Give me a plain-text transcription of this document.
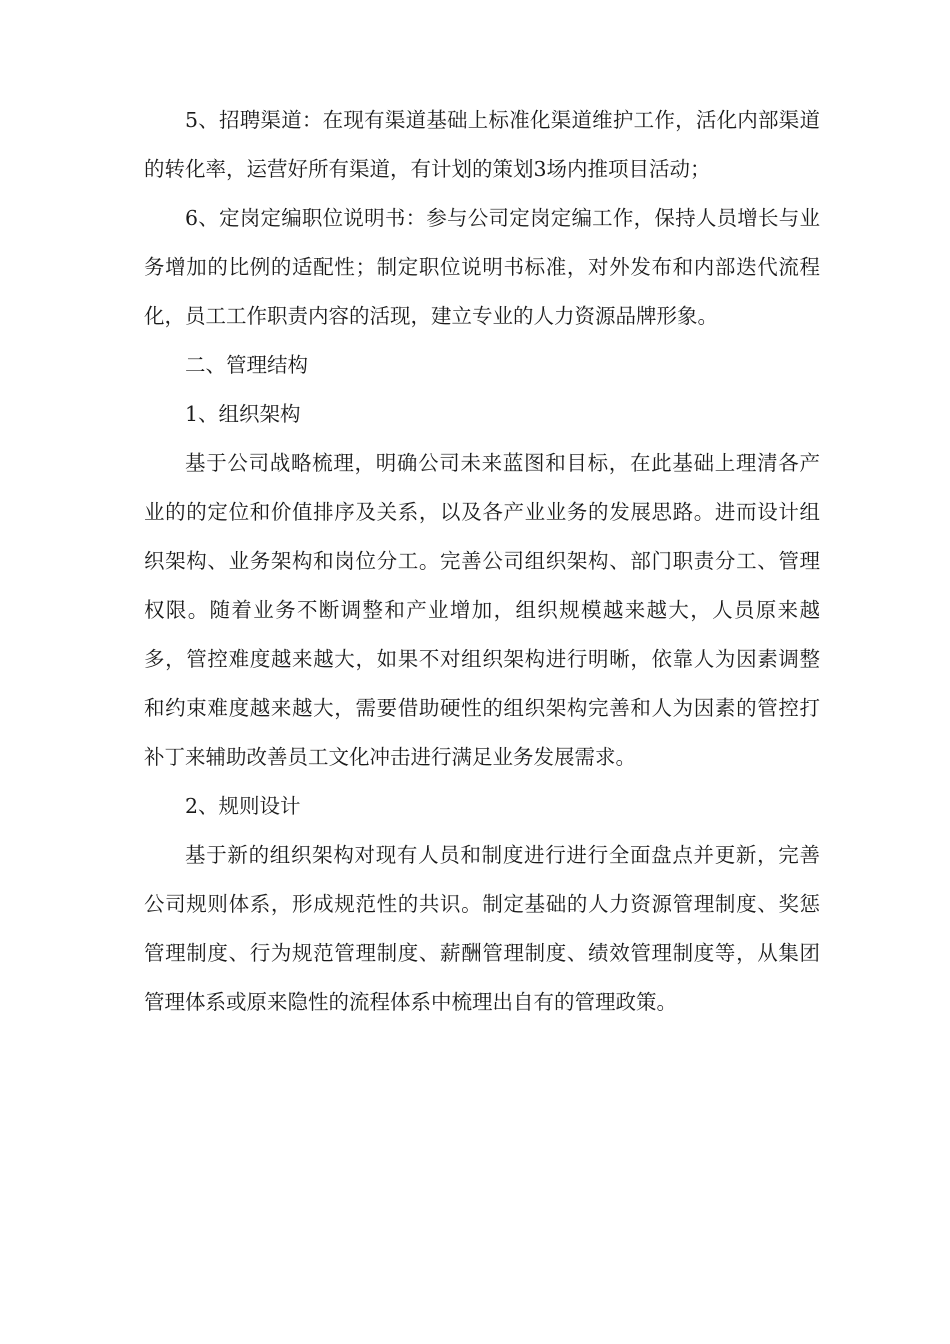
5、招聘渠道：在现有渠道基础上标准化渠道维护工作，活化内部渠道的转化率，运营好所有渠道，有计划的策划3场内推项目活动；

6、定岗定编职位说明书：参与公司定岗定编工作，保持人员增长与业务增加的比例的适配性；制定职位说明书标准，对外发布和内部迭代流程化，员工工作职责内容的活现，建立专业的人力资源品牌形象。

二、管理结构

1、组织架构

基于公司战略梳理，明确公司未来蓝图和目标，在此基础上理清各产业的的定位和价值排序及关系，以及各产业业务的发展思路。进而设计组织架构、业务架构和岗位分工。完善公司组织架构、部门职责分工、管理权限。随着业务不断调整和产业增加，组织规模越来越大，人员原来越多，管控难度越来越大，如果不对组织架构进行明晰，依靠人为因素调整和约束难度越来越大，需要借助硬性的组织架构完善和人为因素的管控打补丁来辅助改善员工文化冲击进行满足业务发展需求。

2、规则设计

基于新的组织架构对现有人员和制度进行进行全面盘点并更新，完善公司规则体系，形成规范性的共识。制定基础的人力资源管理制度、奖惩管理制度、行为规范管理制度、薪酬管理制度、绩效管理制度等，从集团管理体系或原来隐性的流程体系中梳理出自有的管理政策。
